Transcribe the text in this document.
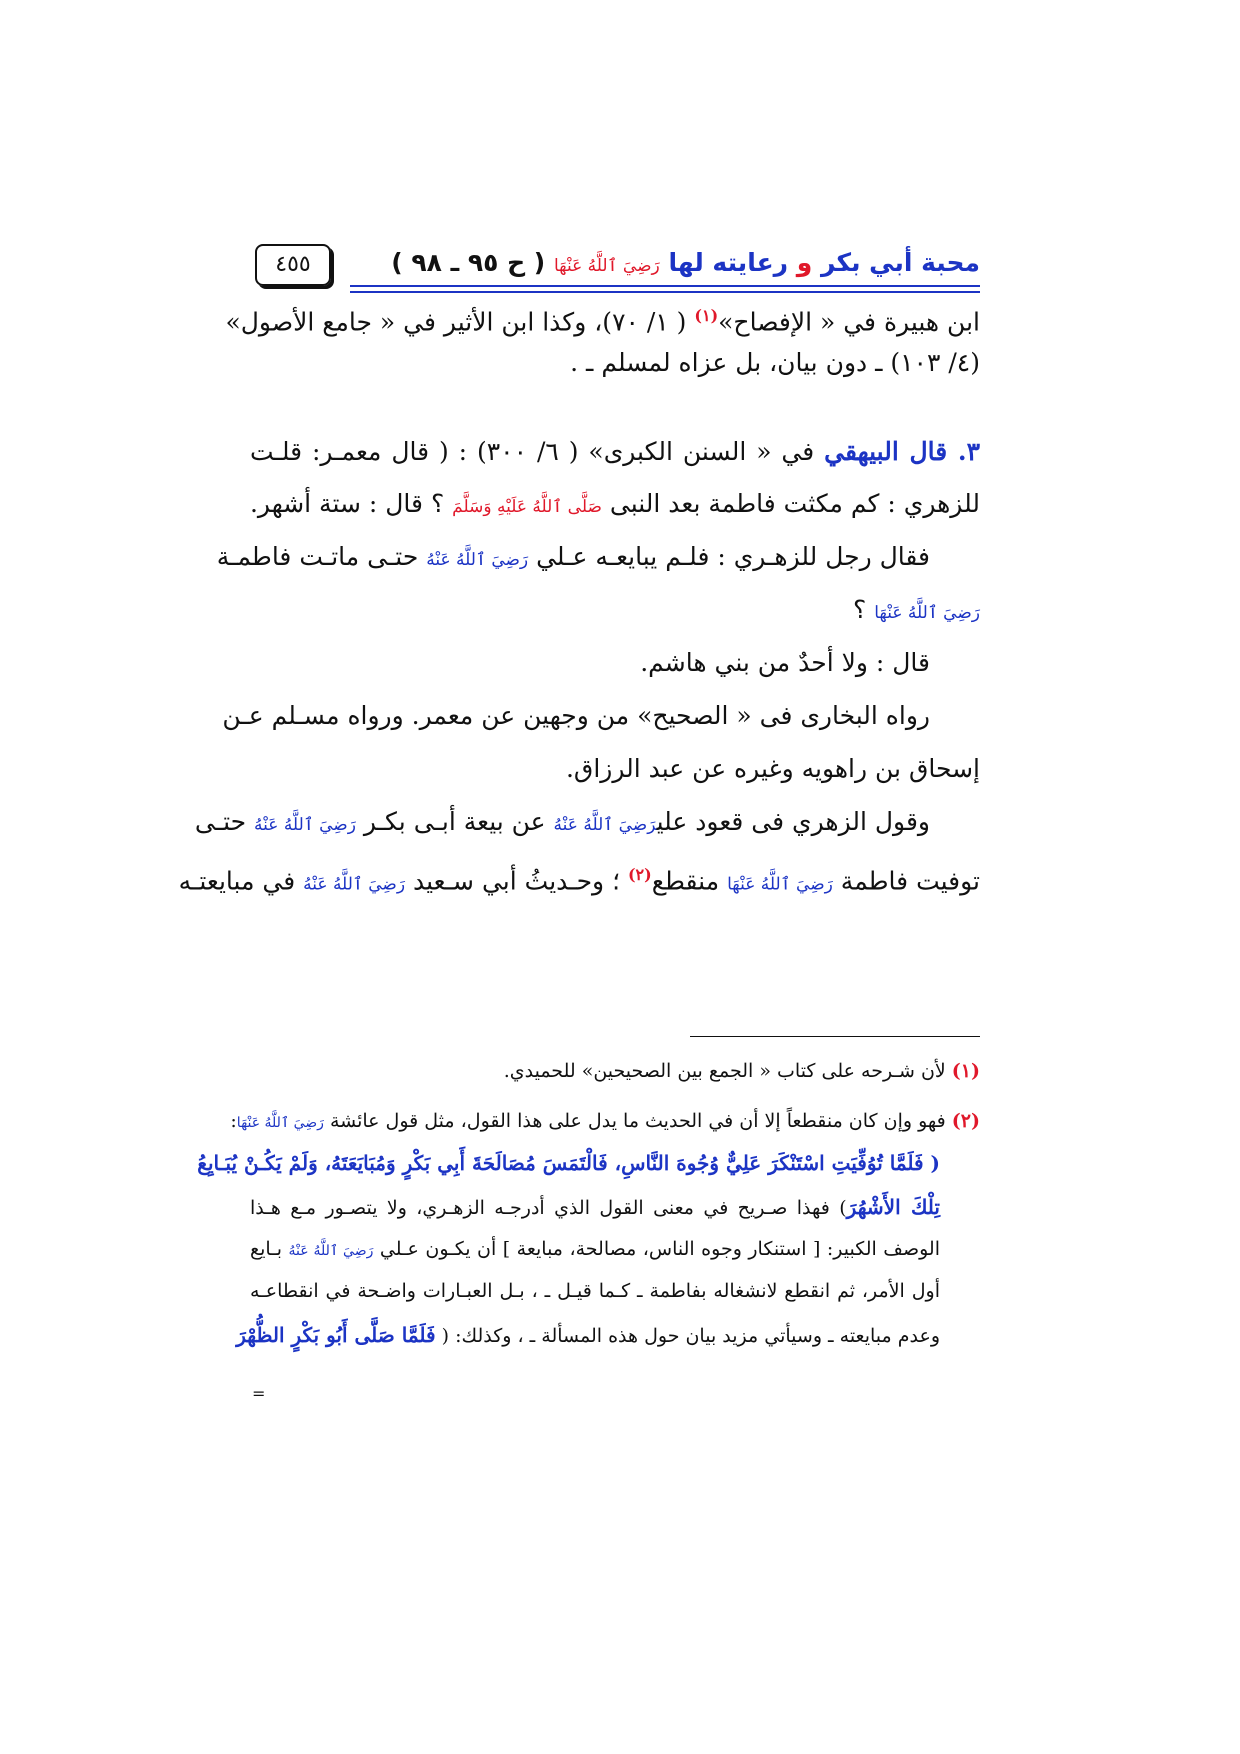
محبة أبي بكر و رعايته لها رَضِيَ ٱللَّهُ عَنْهَا ( ح ٩٥ ـ ٩٨ )
٤٥٥
ابن هبيرة في « الإفصاح»$^{(١)}$ ( ١/ ٧٠)، وكذا ابن الأثير في « جامع الأصول»
(٤/ ١٠٣) ـ دون بيان، بل عزاه لمسلم ـ .
٣. قال البيهقي في « السنن الكبرى» ( ٦/ ٣٠٠) : ( قال معمـر: قلـت
للزهري : كم مكثت فاطمة بعد النبى صَلَّى ٱللَّهُ عَلَيْهِ وَسَلَّمَ ؟ قال : ستة أشهر.
فقال رجل للزهـري : فلـم يبايعـه عـلي رَضِيَ ٱللَّهُ عَنْهُ حتـى ماتـت فاطمـة
رَضِيَ ٱللَّهُ عَنْهَا ؟
قال : ولا أحدٌ من بني هاشم.
رواه البخارى فى « الصحيح» من وجهين عن معمر. ورواه مسـلم عـن
إسحاق بن راهويه وغيره عن عبد الرزاق.
وقول الزهري فى قعود عليرَضِيَ ٱللَّهُ عَنْهُ عن بيعة أبـى بكـر رَضِيَ ٱللَّهُ عَنْهُ حتـى
توفيت فاطمة رَضِيَ ٱللَّهُ عَنْهَا منقطع$^{(٢)}$ ؛ وحـديثُ أبي سـعيد رَضِيَ ٱللَّهُ عَنْهُ في مبايعتـه
(١) لأن شـرحه على كتاب « الجمع بين الصحيحين» للحميدي.
(٢) فهو وإن كان منقطعاً إلا أن في الحديث ما يدل على هذا القول، مثل قول عائشة رَضِيَ ٱللَّهُ عَنْهَا:
( فَلَمَّا تُوُفِّيَتِ اسْتَنْكَرَ عَلِيٌّ وُجُوهَ النَّاسِ، فَالْتَمَسَ مُصَالَحَةَ أَبِي بَكْرٍ وَمُبَايَعَتَهُ، وَلَمْ يَكُـنْ يُبَـايِعُ
تِلْكَ الأَشْهُرَ) فهذا صـريح في معنى القول الذي أدرجـه الزهـري، ولا يتصـور مـع هـذا
الوصف الكبير: [ استنكار وجوه الناس، مصالحة، مبايعة ] أن يكـون عـلي رَضِيَ ٱللَّهُ عَنْهُ بـايع
أول الأمر، ثم انقطع لانشغاله بفاطمة ـ كـما قيـل ـ ، بـل العبـارات واضـحة في انقطاعـه
وعدم مبايعته ـ وسيأتي مزيد بيان حول هذه المسألة ـ ، وكذلك: ( فَلَمَّا صَلَّى أَبُو بَكْرٍ الظُّهْرَ
=
